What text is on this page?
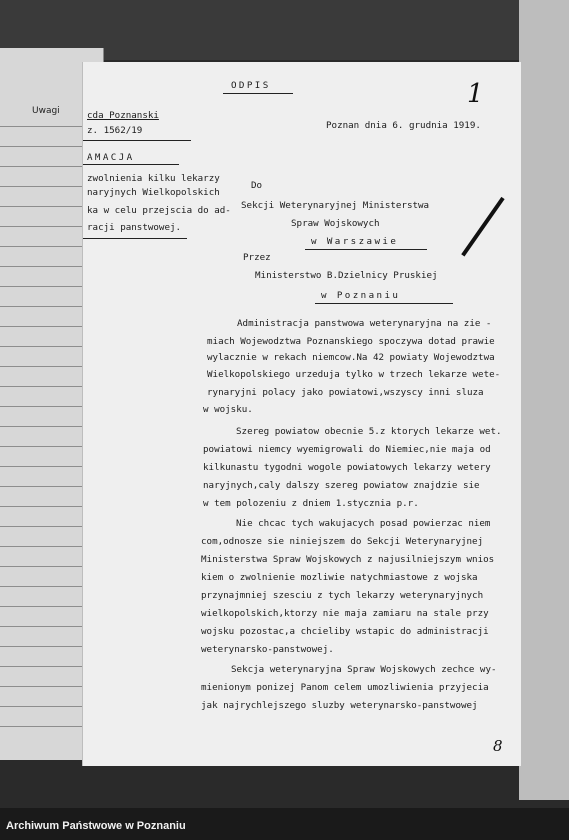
Uwagi
ODPIS	1
cda Poznanski
z. 1562/19
AMACJA
zwolnienia kilku lekarzy
naryjnych Wielkopolskich
ka w celu przejscia do ad-
racji panstwowej.
Poznan dnia 6. grudnia 1919.
Do
Sekcji Weterynaryjnej Ministerstwa
Spraw Wojskowych
w Warszawie
Przez
Ministerstwo B.Dzielnicy Pruskiej
w Poznaniu
Administracja panstwowa weterynaryjna na zie -
miach Wojewodztwa Poznanskiego spoczywa dotad prawie
wylacznie w rekach niemcow.Na 42 powiaty Wojewodztwa
Wielkopolskiego urzeduja tylko w trzech lekarze wete-
rynaryjni polacy jako powiatowi,wszyscy inni sluza
w wojsku.
Szereg powiatow obecnie 5.z ktorych lekarze wet.
powiatowi niemcy wyemigrowali do Niemiec,nie maja od
kilkunastu tygodni wogole powiatowych lekarzy wetery
naryjnych,caly dalszy szereg powiatow znajdzie sie
w tem polozeniu z dniem 1.stycznia p.r.
Nie chcac tych wakujacych posad powierzac niem
com,odnosze sie niniejszem do Sekcji Weterynaryjnej
Ministerstwa Spraw Wojskowych z najusilniejszym wnios
kiem o zwolnienie mozliwie natychmiastowe z wojska
przynajmniej szesciu z tych lekarzy weterynaryjnych
wielkopolskich,ktorzy nie maja zamiaru na stale przy
wojsku pozostac,a chcieliby wstapic do administracji
weterynarsko-panstwowej.
Sekcja weterynaryjna Spraw Wojskowych zechce wy-
mienionym ponizej Panom celem umozliwienia przyjecia
jak najrychlejszego sluzby weterynarsko-panstwowej
8
Archiwum Państwowe w Poznaniu
